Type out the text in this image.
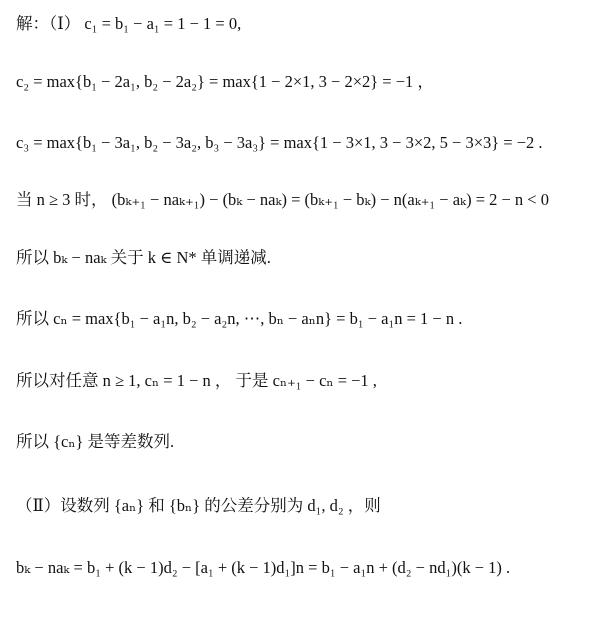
解：（Ⅰ） c₁ = b₁ − a₁ = 1 − 1 = 0,
c₂ = max{b₁ − 2a₁, b₂ − 2a₂} = max{1 − 2×1, 3 − 2×2} = −1 ，
c₃ = max{b₁ − 3a₁, b₂ − 3a₂, b₃ − 3a₃} = max{1 − 3×1, 3 − 3×2, 5 − 3×3} = −2 .
当 n ≥ 3 时， (bₖ₊₁ − naₖ₊₁) − (bₖ − naₖ) = (bₖ₊₁ − bₖ) − n(aₖ₊₁ − aₖ) = 2 − n < 0
所以 bₖ − naₖ 关于 k ∈ N* 单调递减.
所以 cₙ = max{b₁ − a₁n, b₂ − a₂n, ⋯, bₙ − aₙn} = b₁ − a₁n = 1 − n .
所以对任意 n ≥ 1, cₙ = 1 − n ， 于是 cₙ₊₁ − cₙ = −1 ,
所以 {cₙ} 是等差数列.
（Ⅱ）设数列 {aₙ} 和 {bₙ} 的公差分别为 d₁, d₂ ，则
bₖ − naₖ = b₁ + (k − 1)d₂ − [a₁ + (k − 1)d₁]n = b₁ − a₁n + (d₂ − nd₁)(k − 1) .
